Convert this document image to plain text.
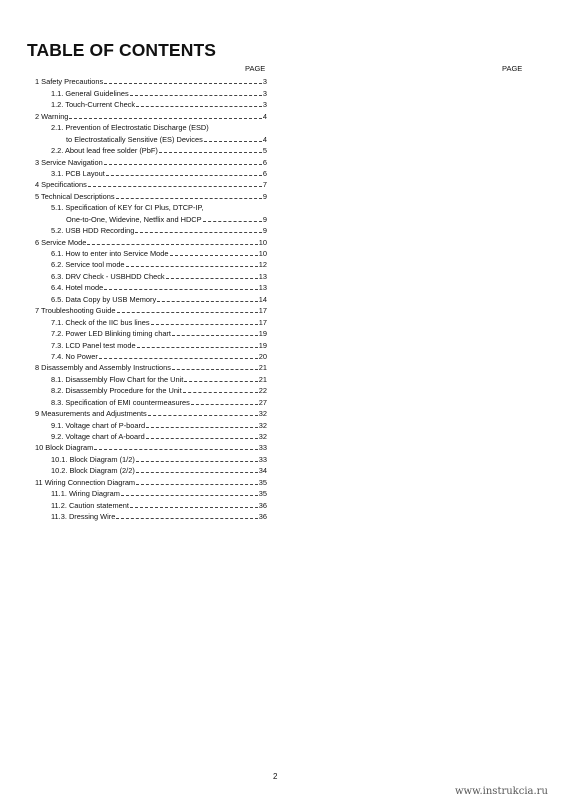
TABLE OF CONTENTS
PAGE	PAGE
1 Safety Precautions	3
1.1. General Guidelines	3
1.2. Touch-Current Check	3
2 Warning	4
2.1. Prevention of Electrostatic Discharge (ESD)
to Electrostatically Sensitive (ES) Devices	4
2.2. About lead free solder (PbF)	5
3 Service Navigation	6
3.1. PCB Layout	6
4 Specifications	7
5 Technical Descriptions	9
5.1. Specification of KEY for CI Plus, DTCP-IP,
One-to-One, Widevine, Netflix and HDCP	9
5.2. USB HDD Recording	9
6 Service Mode	10
6.1. How to enter into Service Mode	10
6.2. Service tool mode	12
6.3. DRV Check - USBHDD Check	13
6.4. Hotel mode	13
6.5. Data Copy by USB Memory	14
7 Troubleshooting Guide	17
7.1. Check of the IIC bus lines	17
7.2. Power LED Blinking timing chart	19
7.3. LCD Panel test mode	19
7.4. No Power	20
8 Disassembly and Assembly Instructions	21
8.1. Disassembly Flow Chart for the Unit	21
8.2. Disassembly Procedure for the Unit	22
8.3. Specification of EMI countermeasures	27
9 Measurements and Adjustments	32
9.1. Voltage chart of P-board	32
9.2. Voltage chart of A-board	32
10 Block Diagram	33
10.1. Block Diagram (1/2)	33
10.2. Block Diagram (2/2)	34
11 Wiring Connection Diagram	35
11.1. Wiring Diagram	35
11.2. Caution statement	36
11.3. Dressing Wire	36
2
www.instrukcia.ru
